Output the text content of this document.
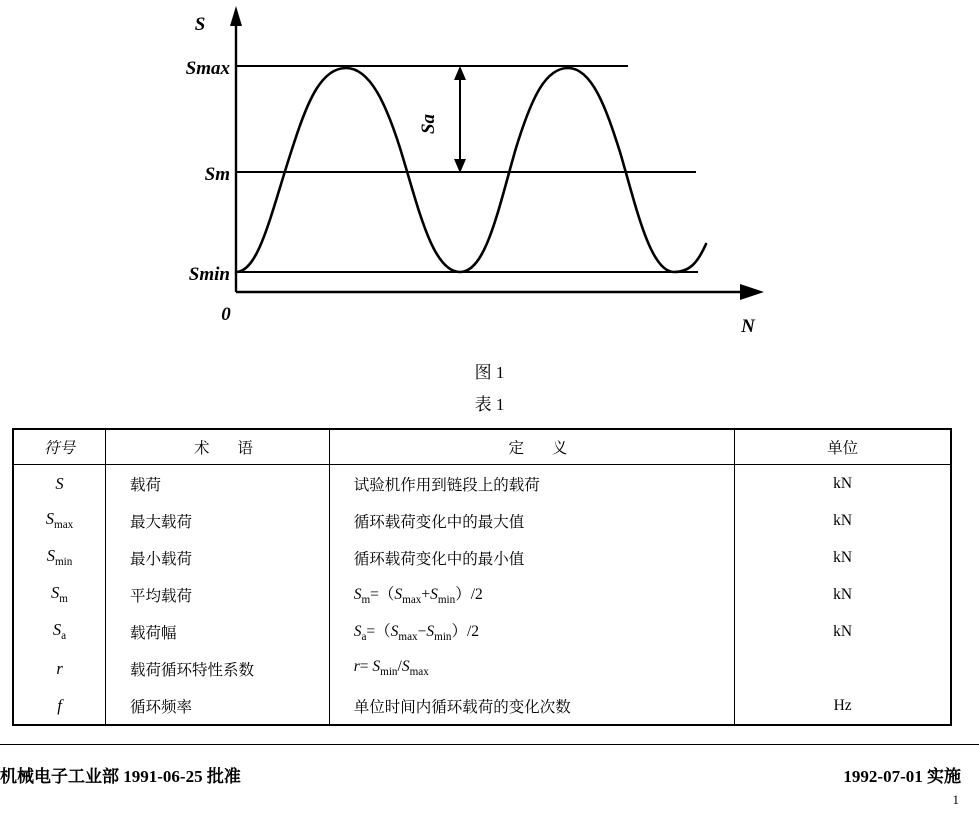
S
N
0
Smax
Sm
Smin
Sa
图 1
表 1
符号	术 语	定 义	单位
S	载荷	试验机作用到链段上的载荷	kN
$S_{max}$	最大载荷	循环载荷变化中的最大值	kN
$S_{min}$	最小载荷	循环载荷变化中的最小值	kN
$S_m$	平均载荷	$S_m=(S_{max}+S_{min})/2$	kN
$S_a$	载荷幅	$S_a=(S_{max}-S_{min})/2$	kN
r	载荷循环特性系数	$r= S_{min}/S_{max}$	
f	循环频率	单位时间内循环载荷的变化次数	Hz
机械电子工业部 1991-06-25 批准	1992-07-01 实施
1
